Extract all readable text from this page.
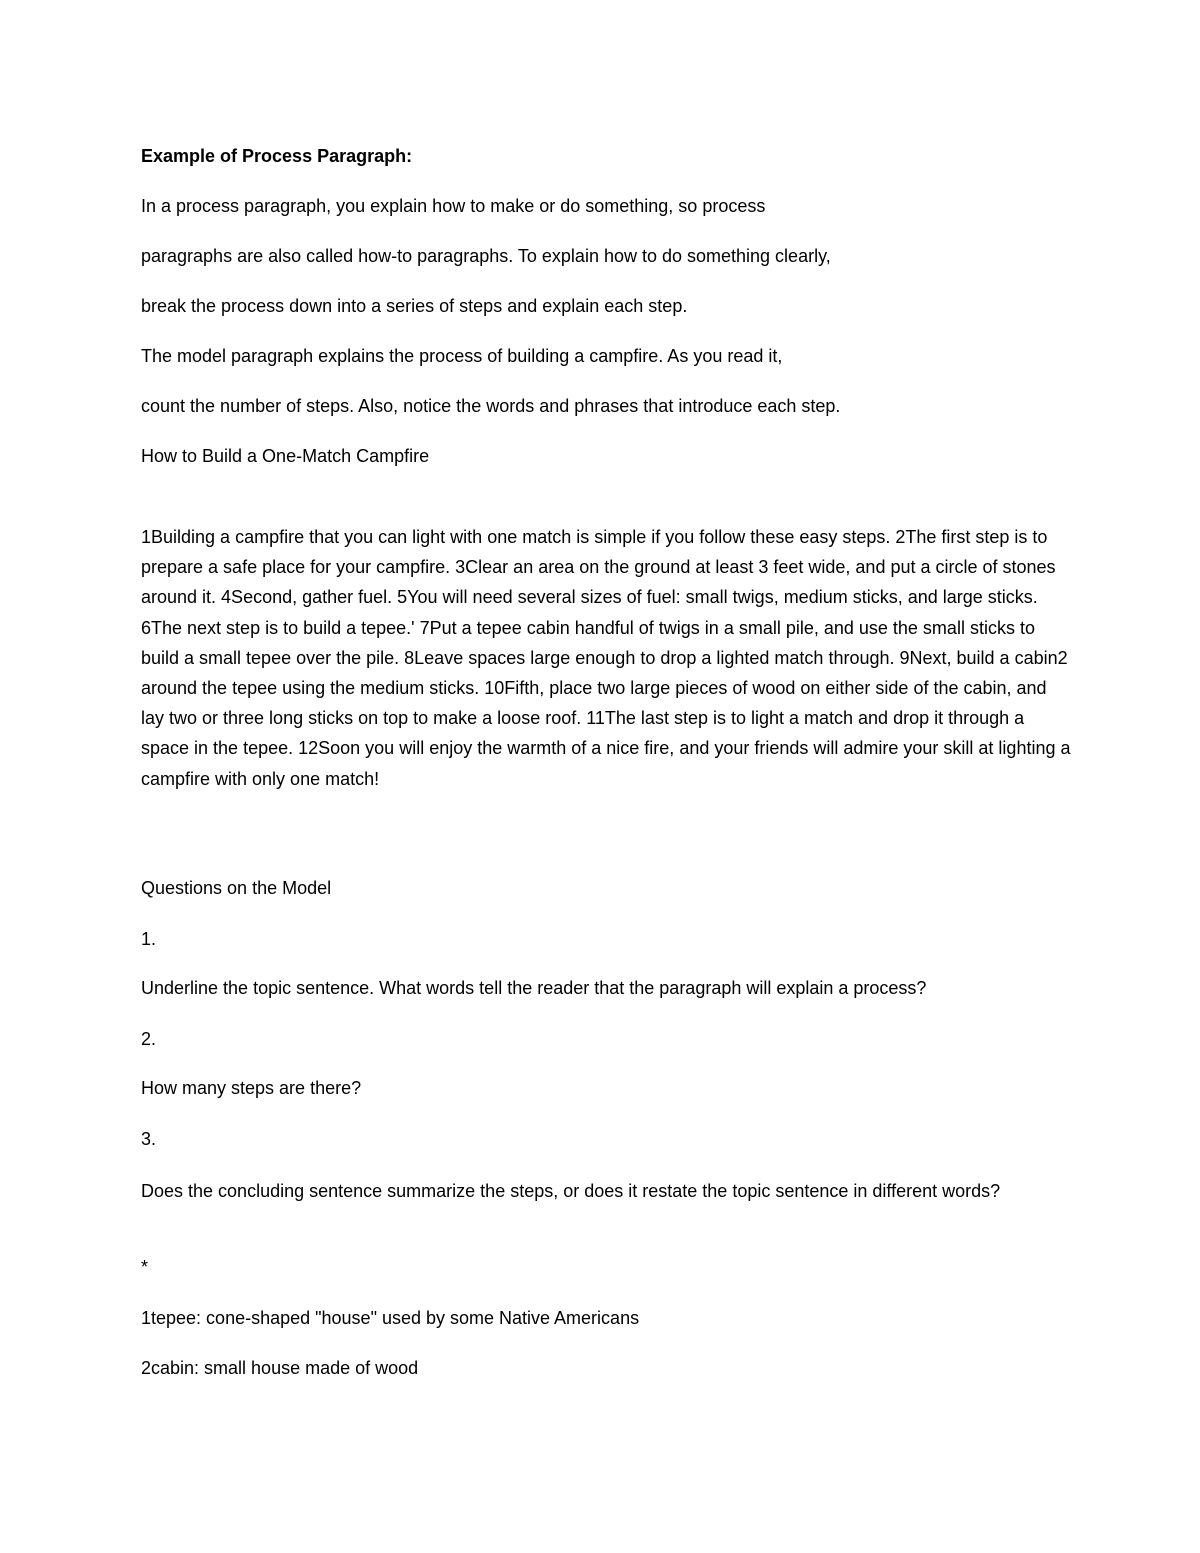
Example of Process Paragraph:
In a process paragraph, you explain how to make or do something, so process
paragraphs are also called how-to paragraphs. To explain how to do something clearly,
break the process down into a series of steps and explain each step.
The model paragraph explains the process of building a campfire. As you read it,
count the number of steps. Also, notice the words and phrases that introduce each step.
How to Build a One-Match Campfire
1Building a campfire that you can light with one match is simple if you follow these easy steps. 2The first step is to prepare a safe place for your campfire. 3Clear an area on the ground at least 3 feet wide, and put a circle of stones around it. 4Second, gather fuel. 5You will need several sizes of fuel: small twigs, medium sticks, and large sticks. 6The next step is to build a tepee.' 7Put a tepee cabin handful of twigs in a small pile, and use the small sticks to build a small tepee over the pile. 8Leave spaces large enough to drop a lighted match through. 9Next, build a cabin2 around the tepee using the medium sticks. 10Fifth, place two large pieces of wood on either side of the cabin, and lay two or three long sticks on top to make a loose roof. 11The last step is to light a match and drop it through a space in the tepee. 12Soon you will enjoy the warmth of a nice fire, and your friends will admire your skill at lighting a campfire with only one match!
Questions on the Model
1.
Underline the topic sentence. What words tell the reader that the paragraph will explain a process?
2.
How many steps are there?
3.
Does the concluding sentence summarize the steps, or does it restate the topic sentence in different words?
*
1tepee: cone-shaped "house" used by some Native Americans
2cabin: small house made of wood
